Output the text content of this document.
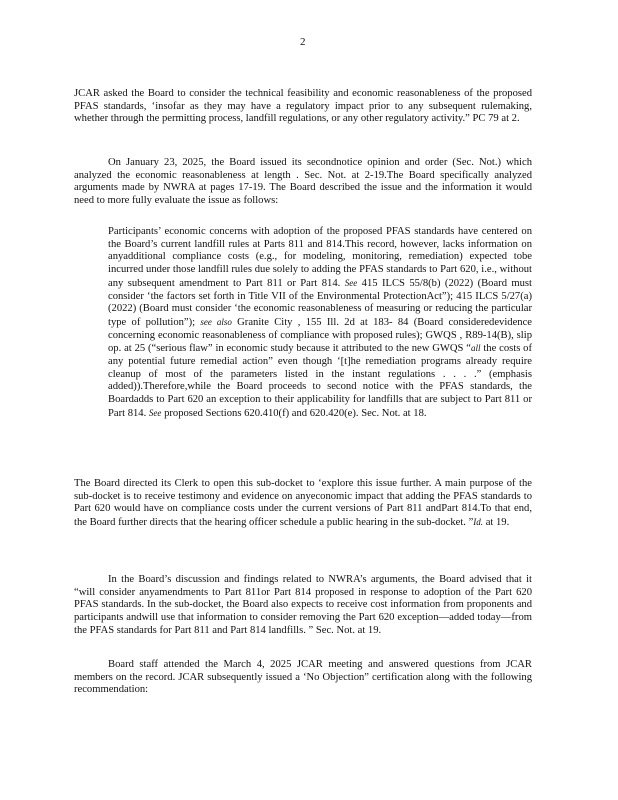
2

JCAR asked the Board to consider the technical feasibility and economic reasonableness of the proposed PFAS standards, ‘insofar as they may have a regulatory impact prior to any subsequent rulemaking, whether through the permitting process, landfill regulations, or any other regulatory activity.” PC 79 at 2.

On January 23, 2025, the Board issued its secondnotice opinion and order (Sec. Not.) which analyzed the economic reasonableness at length . Sec. Not. at 2-19.The Board specifically analyzed arguments made by NWRA at pages 17-19. The Board described the issue and the information it would need to more fully evaluate the issue as follows:

Participants’ economic concerns with adoption of the proposed PFAS standards have centered on the Board’s current landfill rules at Parts 811 and 814.This record, however, lacks information on anyadditional compliance costs (e.g., for modeling, monitoring, remediation) expected tobe incurred under those landfill rules due solely to adding the PFAS standards to Part 620, i.e., without any subsequent amendment to Part 811 or Part 814. See 415 ILCS 55/8(b) (2022) (Board must consider ‘the factors set forth in Title VII of the Environmental ProtectionAct”); 415 ILCS 5/27(a) (2022) (Board must consider ‘the economic reasonableness of measuring or reducing the particular type of pollution”); see also Granite City , 155 Ill. 2d at 183- 84 (Board consideredevidence concerning economic reasonableness of compliance with proposed rules); GWQS , R89-14(B), slip op. at 25 (“serious flaw” in economic study because it attributed to the new GWQS “all the costs of any potential future remedial action” even though ‘[t]he remediation programs already require cleanup of most of the parameters listed in the instant regulations . . . .” (emphasis added)).Therefore,while the Board proceeds to second notice with the PFAS standards, the Boardadds to Part 620 an exception to their applicability for landfills that are subject to Part 811 or Part 814. See proposed Sections 620.410(f) and 620.420(e). Sec. Not. at 18.

The Board directed its Clerk to open this sub-docket to ‘explore this issue further. A main purpose of the sub-docket is to receive testimony and evidence on anyeconomic impact that adding the PFAS standards to Part 620 would have on compliance costs under the current versions of Part 811 andPart 814.To that end, the Board further directs that the hearing officer schedule a public hearing in the sub-docket. ”Id. at 19.

In the Board’s discussion and findings related to NWRA’s arguments, the Board advised that it “will consider anyamendments to Part 811or Part 814 proposed in response to adoption of the Part 620 PFAS standards. In the sub-docket, the Board also expects to receive cost information from proponents and participants andwill use that information to consider removing the Part 620 exception—added today—from the PFAS standards for Part 811 and Part 814 landfills. ” Sec. Not. at 19.

Board staff attended the March 4, 2025 JCAR meeting and answered questions from JCAR members on the record. JCAR subsequently issued a ‘No Objection” certification along with the following recommendation:
